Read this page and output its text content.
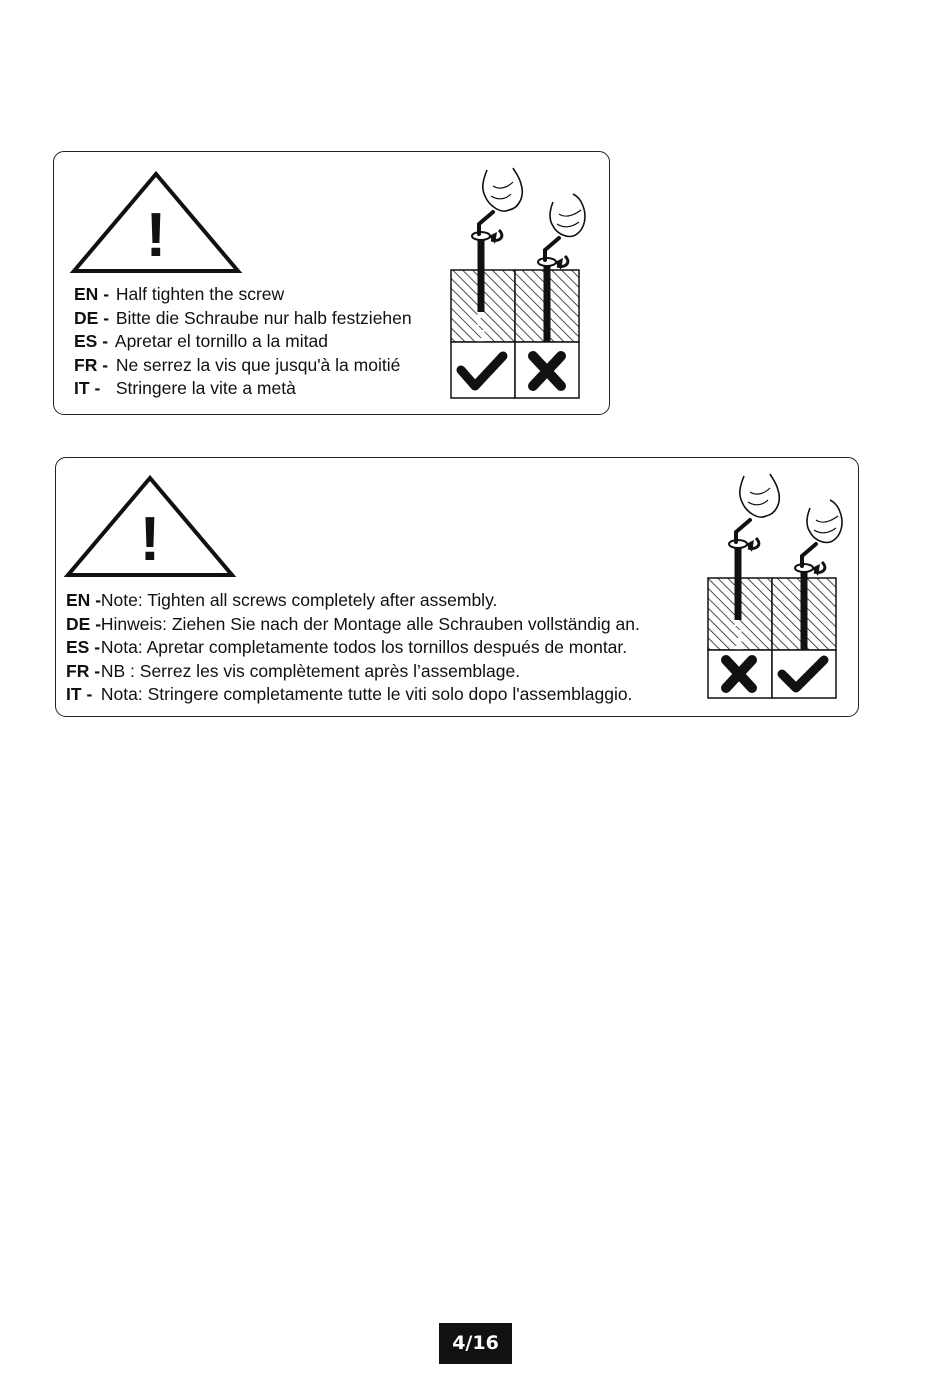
!
EN - Half tighten the screw
DE - Bitte die Schraube nur halb festziehen
ES - Apretar el tornillo a la mitad
FR - Ne serrez la vis que jusqu'à la moitié
IT - Stringere la vite a metà
!
EN - Note: Tighten all screws completely after assembly.
DE - Hinweis: Ziehen Sie nach der Montage alle Schrauben vollständig an.
ES - Nota: Apretar completamente todos los tornillos después de montar.
FR - NB : Serrez les vis complètement après l’assemblage.
IT - Nota: Stringere completamente tutte le viti solo dopo l'assemblaggio.
4/16
